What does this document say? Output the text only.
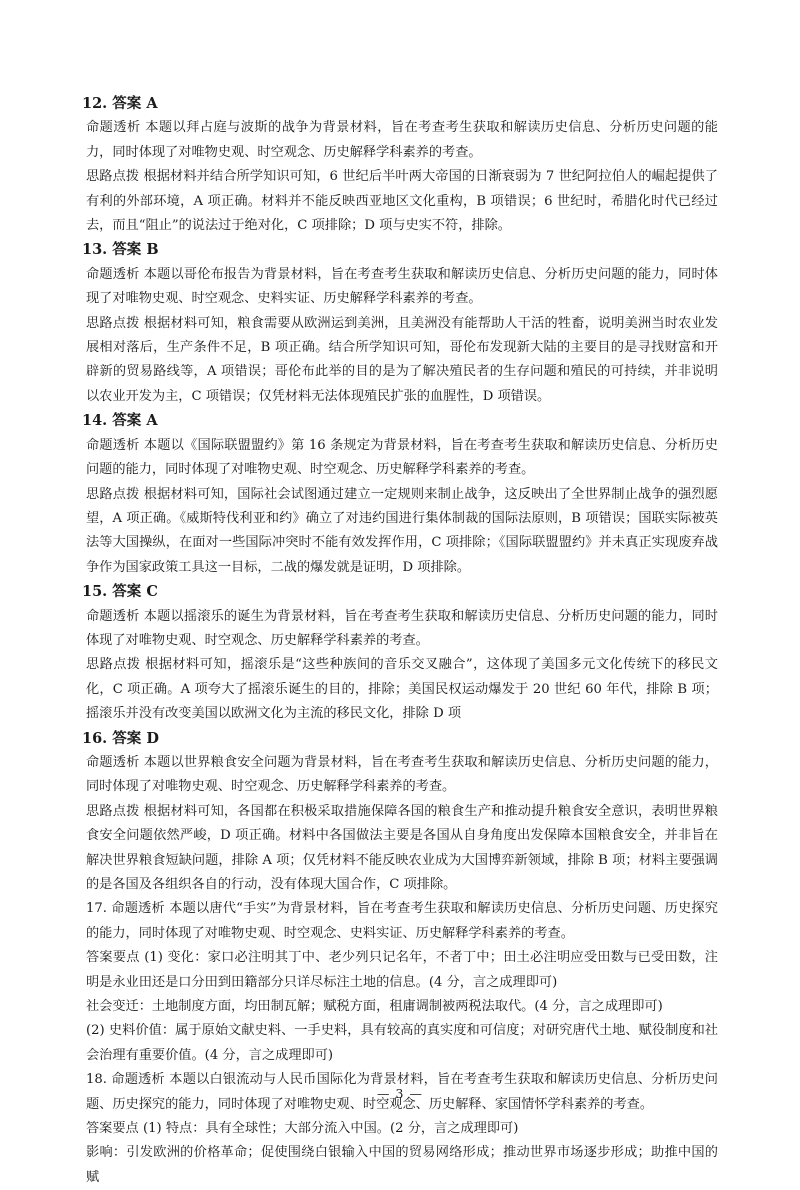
12. 答案 A

命题透析 本题以拜占庭与波斯的战争为背景材料，旨在考查考生获取和解读历史信息、分析历史问题的能力，同时体现了对唯物史观、时空观念、历史解释学科素养的考查。

思路点拨 根据材料并结合所学知识可知，6 世纪后半叶两大帝国的日渐衰弱为 7 世纪阿拉伯人的崛起提供了有利的外部环境，A 项正确。材料并不能反映西亚地区文化重构，B 项错误；6 世纪时，希腊化时代已经过去，而且“阻止”的说法过于绝对化，C 项排除；D 项与史实不符，排除。

13. 答案 B

命题透析 本题以哥伦布报告为背景材料，旨在考查考生获取和解读历史信息、分析历史问题的能力，同时体现了对唯物史观、时空观念、史料实证、历史解释学科素养的考查。

思路点拨 根据材料可知，粮食需要从欧洲运到美洲，且美洲没有能帮助人干活的牲畜，说明美洲当时农业发展相对落后，生产条件不足，B 项正确。结合所学知识可知，哥伦布发现新大陆的主要目的是寻找财富和开辟新的贸易路线等，A 项错误；哥伦布此举的目的是为了解决殖民者的生存问题和殖民的可持续，并非说明以农业开发为主，C 项错误；仅凭材料无法体现殖民扩张的血腥性，D 项错误。

14. 答案 A

命题透析 本题以《国际联盟盟约》第 16 条规定为背景材料，旨在考查考生获取和解读历史信息、分析历史问题的能力，同时体现了对唯物史观、时空观念、历史解释学科素养的考查。

思路点拨 根据材料可知，国际社会试图通过建立一定规则来制止战争，这反映出了全世界制止战争的强烈愿望，A 项正确。《威斯特伐利亚和约》确立了对违约国进行集体制裁的国际法原则，B 项错误；国联实际被英法等大国操纵，在面对一些国际冲突时不能有效发挥作用，C 项排除；《国际联盟盟约》并未真正实现废弃战争作为国家政策工具这一目标，二战的爆发就是证明，D 项排除。

15. 答案 C

命题透析 本题以摇滚乐的诞生为背景材料，旨在考查考生获取和解读历史信息、分析历史问题的能力，同时体现了对唯物史观、时空观念、历史解释学科素养的考查。

思路点拨 根据材料可知，摇滚乐是“这些种族间的音乐交叉融合”，这体现了美国多元文化传统下的移民文化，C 项正确。A 项夸大了摇滚乐诞生的目的，排除；美国民权运动爆发于 20 世纪 60 年代，排除 B 项；摇滚乐并没有改变美国以欧洲文化为主流的移民文化，排除 D 项

16. 答案 D

命题透析 本题以世界粮食安全问题为背景材料，旨在考查考生获取和解读历史信息、分析历史问题的能力，同时体现了对唯物史观、时空观念、历史解释学科素养的考查。

思路点拨 根据材料可知，各国都在积极采取措施保障各国的粮食生产和推动提升粮食安全意识，表明世界粮食安全问题依然严峻，D 项正确。材料中各国做法主要是各国从自身角度出发保障本国粮食安全，并非旨在解决世界粮食短缺问题，排除 A 项；仅凭材料不能反映农业成为大国博弈新领域，排除 B 项；材料主要强调的是各国及各组织各自的行动，没有体现大国合作，C 项排除。

17. 命题透析 本题以唐代“手实”为背景材料，旨在考查考生获取和解读历史信息、分析历史问题、历史探究的能力，同时体现了对唯物史观、时空观念、史料实证、历史解释学科素养的考查。

答案要点 (1) 变化：家口必注明其丁中、老少列只记名年，不者丁中；田土必注明应受田数与已受田数，注明是永业田还是口分田到田籍部分只详尽标注土地的信息。(4 分，言之成理即可)

社会变迁：土地制度方面，均田制瓦解；赋税方面，租庸调制被两税法取代。(4 分，言之成理即可)

(2) 史料价值：属于原始文献史料、一手史料，具有较高的真实度和可信度；对研究唐代土地、赋役制度和社会治理有重要价值。(4 分，言之成理即可)

18. 命题透析 本题以白银流动与人民币国际化为背景材料，旨在考查考生获取和解读历史信息、分析历史问题、历史探究的能力，同时体现了对唯物史观、时空观念、历史解释、家国情怀学科素养的考查。

答案要点 (1) 特点：具有全球性；大部分流入中国。(2 分，言之成理即可)

影响：引发欧洲的价格革命；促使围绕白银输入中国的贸易网络形成；推动世界市场逐步形成；助推中国的赋

— 3 —
